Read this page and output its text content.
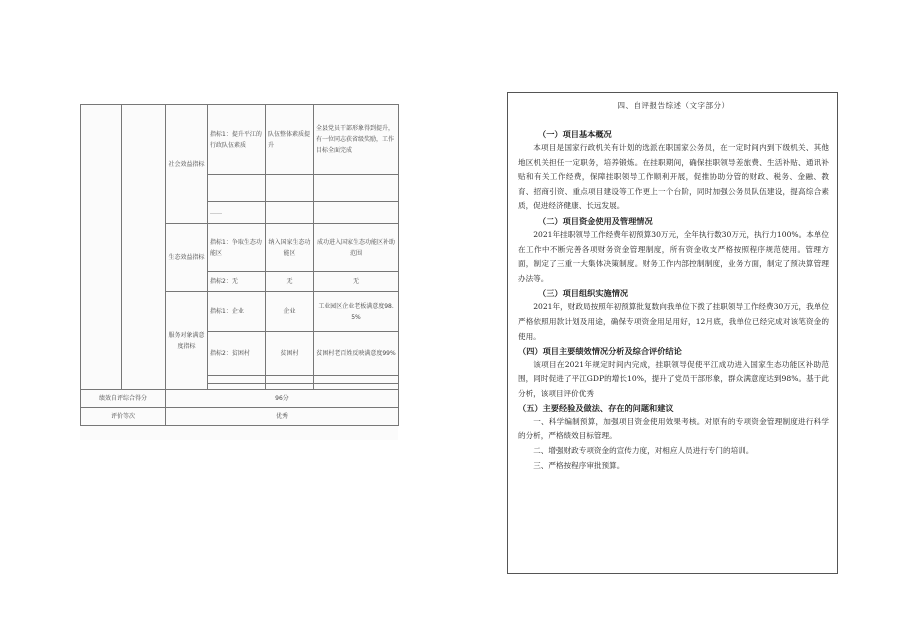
		社会效益指标	指标1：提升平江的行政队伍素质	队伍整体素质提升	全县党员干部形象得到提升，有一位同志获省级奖励，工作目标全面完成

			……		
		生态效益指标	指标1：争取生态功能区	纳入国家生态功能区	成功进入国家生态功能区补助范围
			指标2：无	无	无
		服务对象满意度指标	指标1：企业	企业	工业园区企业老板满意度98.5%
			指标2：贫困村	贫困村	贫困村老百姓反映满意度99%

绩效自评综合得分		96分			
评价等次		优秀			
四、自评报告综述（文字部分）

（一）项目基本概况

本项目是国家行政机关有计划的选派在职国家公务员，在一定时间内到下级机关、其他地区机关担任一定职务，培养锻炼。在挂职期间，确保挂职领导差旅费、生活补贴、通讯补贴和有关工作经费，保障挂职领导工作顺利开展，促推协助分管的财政、税务、金融、教育、招商引资、重点项目建设等工作更上一个台阶，同时加强公务员队伍建设，提高综合素质，促进经济健康、长远发展。

（二）项目资金使用及管理情况

2021年挂职领导工作经费年初预算30万元，全年执行数30万元，执行力100%。本单位在工作中不断完善各项财务资金管理制度，所有资金收支严格按照程序规范使用。管理方面，制定了三重一大集体决策制度。财务工作内部控制制度，业务方面，制定了预决算管理办法等。

（三）项目组织实施情况

2021年，财政局按照年初预算批复数向我单位下拨了挂职领导工作经费30万元，我单位严格依照用款计划及用途，确保专项资金用足用好，12月底，我单位已经完成对该笔资金的使用。

（四）项目主要绩效情况分析及综合评价结论

该项目在2021年规定时间内完成，挂职领导促使平江成功进入国家生态功能区补助范围，同时促进了平江GDP的增长10%，提升了党员干部形象，群众满意度达到98%。基于此分析，该项目评价优秀

（五）主要经验及做法、存在的问题和建议

一、科学编制预算，加强项目资金使用效果考核。对原有的专项资金管理制度进行科学的分析，严格绩效目标管理。

二、增强财政专项资金的宣传力度，对相应人员进行专门的培训。

三、严格按程序审批预算。
